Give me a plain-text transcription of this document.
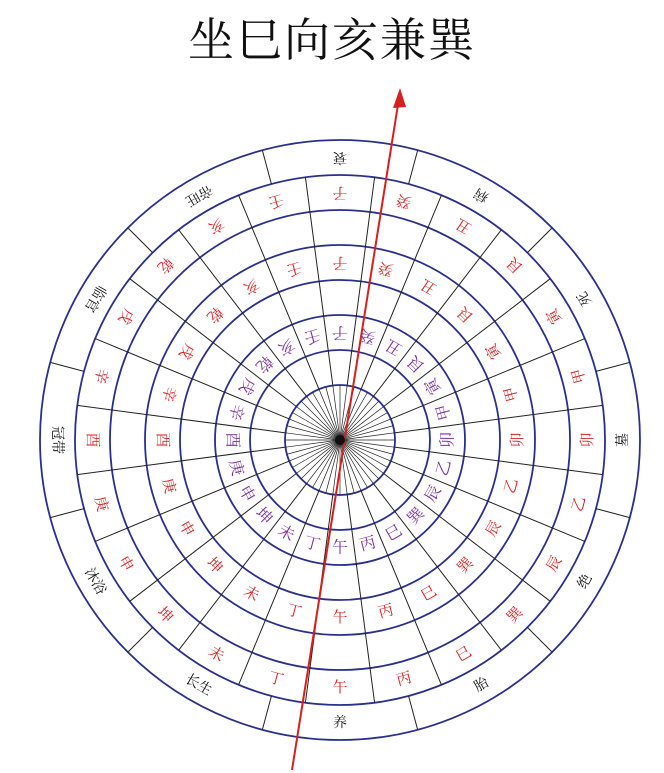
坐巳向亥兼巽
衰
病
死
墓
绝
胎
养
长生
沐浴
冠带
临官
帝旺
午
丁
未
坤
申
庚
酉
辛
戌
乾
亥
壬	子	癸
丑
艮
寅
甲
卯
乙
辰
巽
巳
丙
丙
巳
巽
辰
乙
卯
甲
寅
艮
丑
癸
子
壬
亥
乾
戌
辛
酉
庚
申
坤
未
丁 午
丙 巳
巽
辰
乙
卯
甲
寅
艮
丑
癸
子
壬
亥
乾
戌
辛
酉
庚
申
坤
未 丁 午
